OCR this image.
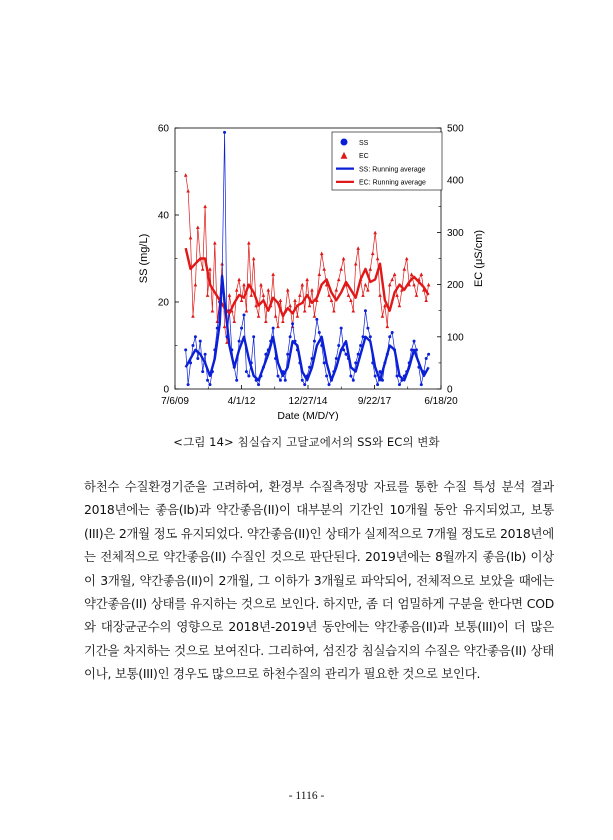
0
20
40
60
0
100
200
300
400
500
7/6/09	4/1/12	12/27/14	9/22/17	6/18/20
Date (M/D/Y)
SS (mg/L)	EC (μS/cm)
SS
EC
SS: Running average
EC: Running average
<그림 14> 침실습지 고달교에서의 SS와 EC의 변화

하천수 수질환경기준을 고려하여, 환경부 수질측정망 자료를 통한 수질 특성 분석 결과 2018년에는 좋음(Ib)과 약간좋음(II)이 대부분의 기간인 10개월 동안 유지되었고, 보통(III)은 2개월 정도 유지되었다. 약간좋음(II)인 상태가 실제적으로 7개월 정도로 2018년에는 전체적으로 약간좋음(II) 수질인 것으로 판단된다. 2019년에는 8월까지 좋음(Ib) 이상이 3개월, 약간좋음(II)이 2개월, 그 이하가 3개월로 파악되어, 전체적으로 보았을 때에는 약간좋음(II) 상태를 유지하는 것으로 보인다. 하지만, 좀 더 엄밀하게 구분을 한다면 COD와 대장균군수의 영향으로 2018년-2019년 동안에는 약간좋음(II)과 보통(III)이 더 많은 기간을 차지하는 것으로 보여진다. 그리하여, 섬진강 침실습지의 수질은 약간좋음(II) 상태이나, 보통(III)인 경우도 많으므로 하천수질의 관리가 필요한 것으로 보인다.

- 1116 -
